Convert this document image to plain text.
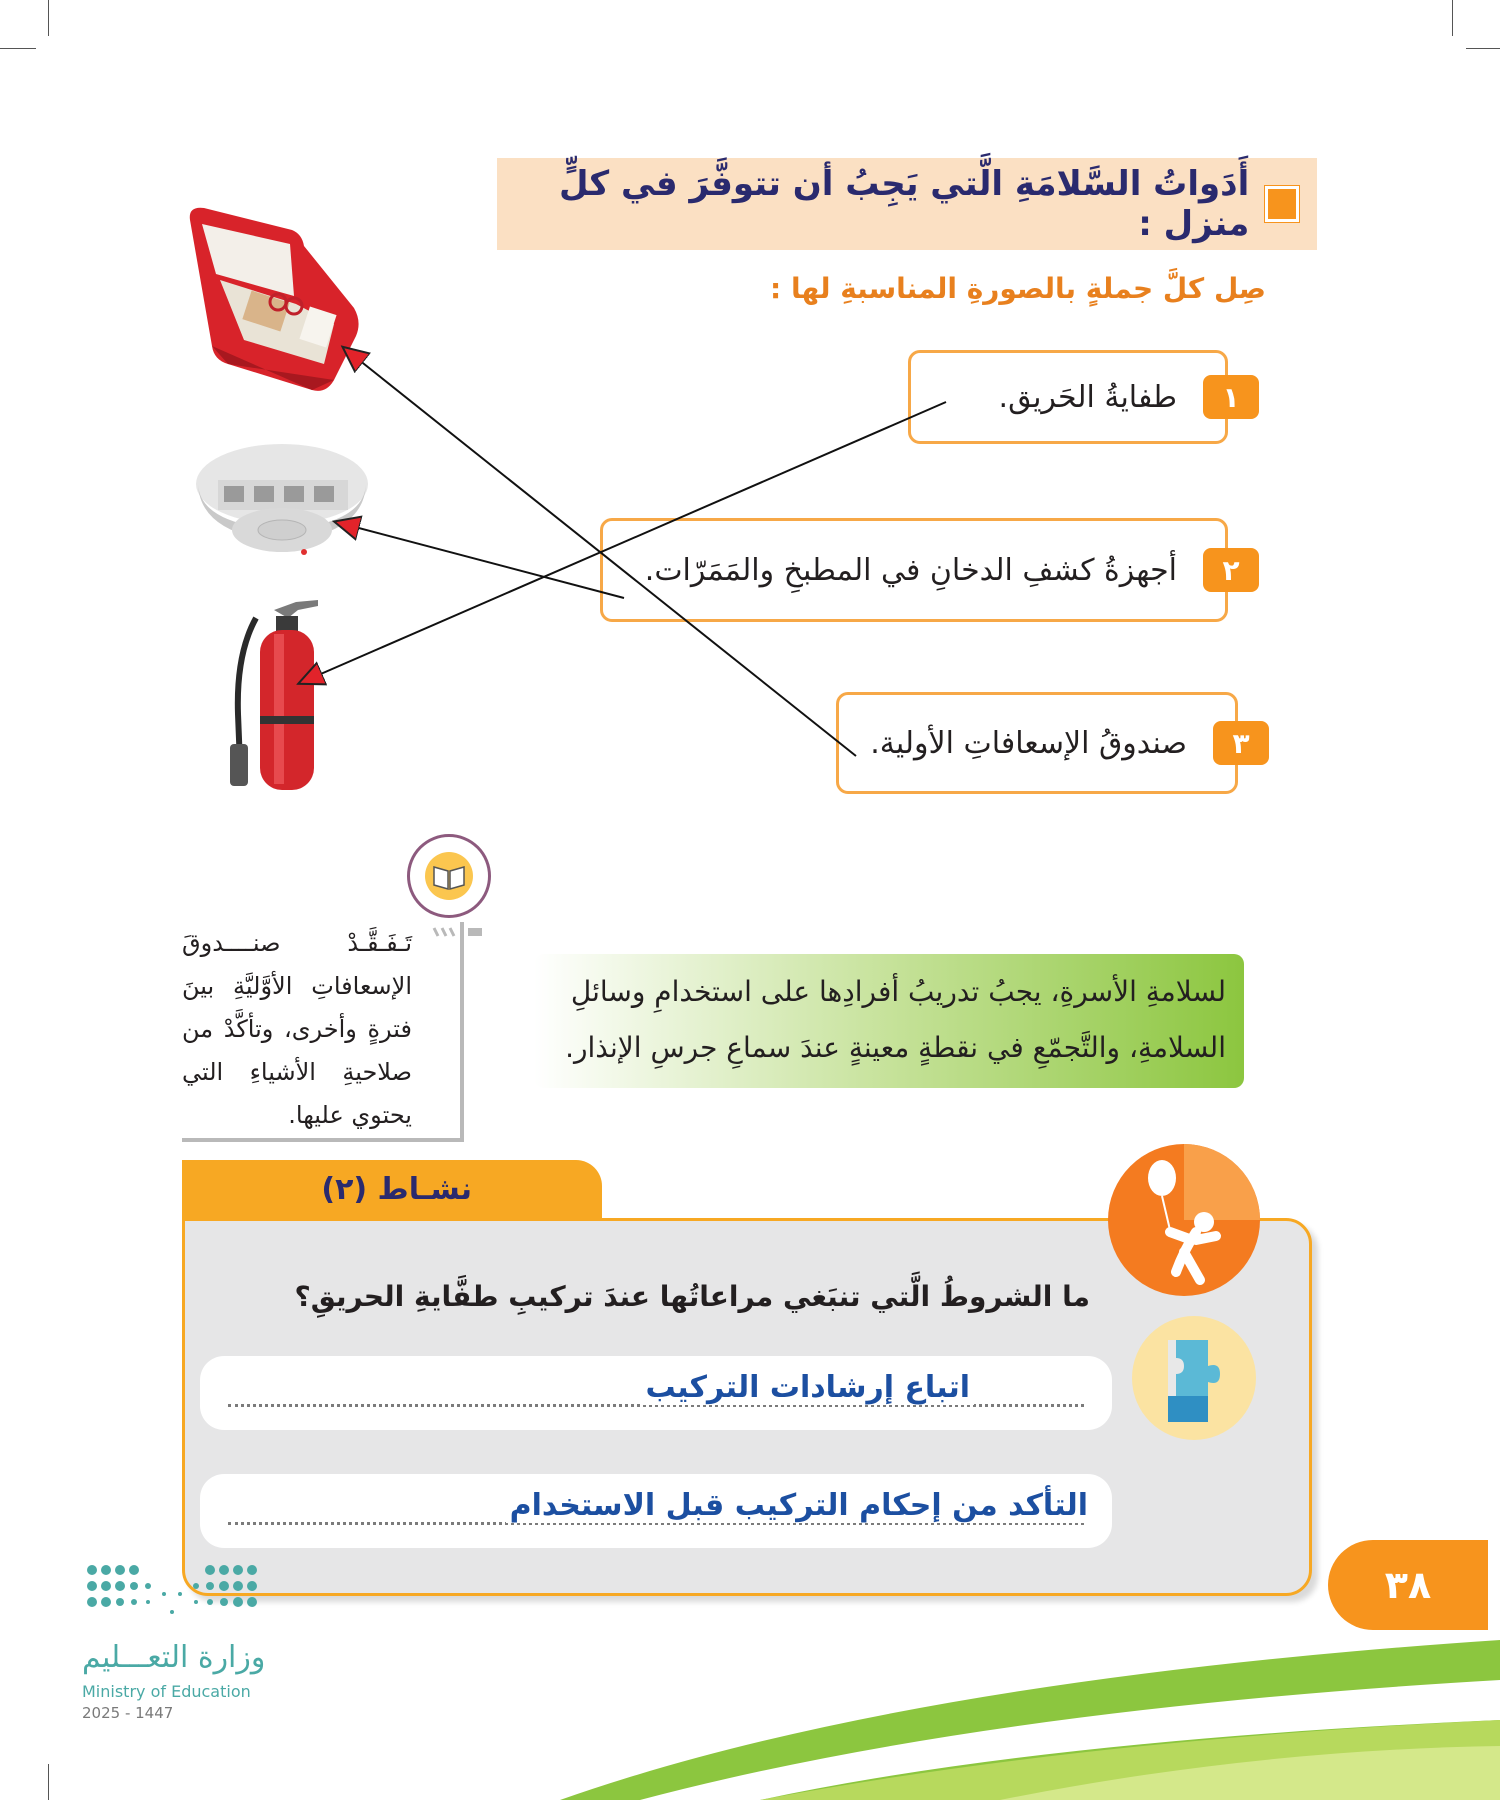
أَدَواتُ السَّلامَةِ الَّتي يَجِبُ أن تتوفَّرَ في كلٍّ منزل :
صِل كلَّ جملةٍ بالصورةِ المناسبةِ لها :
١
طفايةُ الحَريق.
٢
أجهزةُ كشفِ الدخانِ في المطبخِ والمَمَرّات.
٣
صندوقُ الإسعافاتِ الأولية.
تَـفَـقَّـدْ صنــــدوقَ الإسعافاتِ الأوَّليَّةِ بينَ فترةٍ وأخرى، وتأكَّدْ من صلاحيةِ الأشياءِ التي يحتوي عليها.

لسلامةِ الأسرةِ، يجبُ تدريبُ أفرادِها على استخدامِ وسائلِ

السلامةِ، والتَّجمّعِ في نقطةٍ معينةٍ عندَ سماعِ جرسِ الإنذار.

نشـاط (٢)
ما الشروطُ الَّتي تنبَغي مراعاتُها عندَ تركيبِ طفَّايةِ الحريقِ؟
اتباع إرشادات التركيب
التأكد من إحكام التركيب قبل الاستخدام
٣٨
وزارة التعـــليم
Ministry of Education
2025 - 1447
